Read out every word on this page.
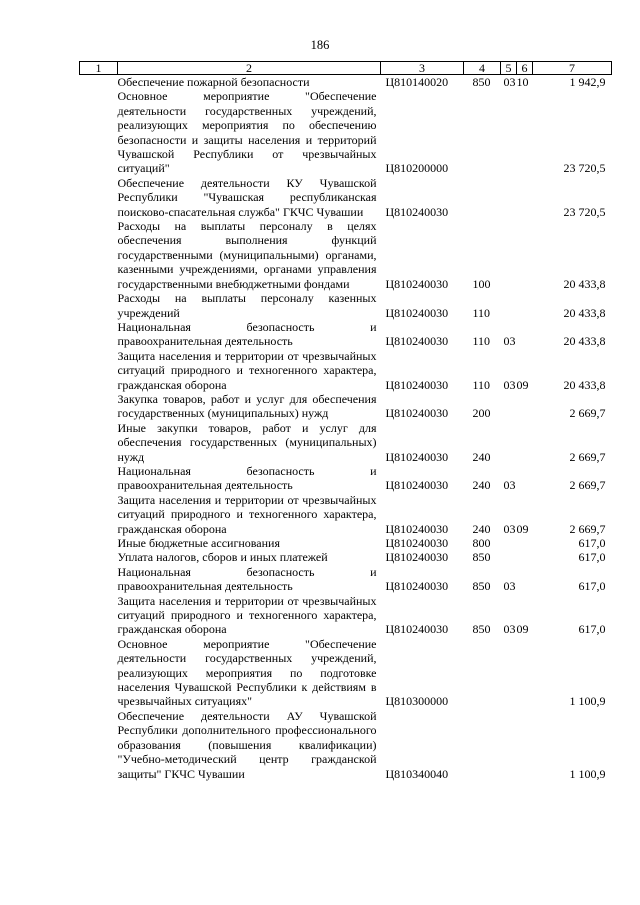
186
1	2	3	4	5	6	7
	Обеспечение пожарной безопасности	Ц810140020	850	03	10	1 942,9
	Основное мероприятие "Обеспечение деятельности государственных учреждений, реализующих мероприятия по обеспечению безопасности и защиты населения и территорий Чувашской Республики от чрезвычайных ситуаций"	Ц810200000				23 720,5
	Обеспечение деятельности КУ Чувашской Республики "Чувашская республиканская поисково-спасательная служба" ГКЧС Чувашии	Ц810240030				23 720,5
	Расходы на выплаты персоналу в целях обеспечения выполнения функций государственными (муниципальными) органами, казенными учреждениями, органами управления государственными внебюджетными фондами	Ц810240030	100			20 433,8
	Расходы на выплаты персоналу казенных учреждений	Ц810240030	110			20 433,8
	Национальная безопасность и правоохранительная деятельность	Ц810240030	110	03		20 433,8
	Защита населения и территории от чрезвычайных ситуаций природного и техногенного характера, гражданская оборона	Ц810240030	110	03	09	20 433,8
	Закупка товаров, работ и услуг для обеспечения государственных (муниципальных) нужд	Ц810240030	200			2 669,7
	Иные закупки товаров, работ и услуг для обеспечения государственных (муниципальных) нужд	Ц810240030	240			2 669,7
	Национальная безопасность и правоохранительная деятельность	Ц810240030	240	03		2 669,7
	Защита населения и территории от чрезвычайных ситуаций природного и техногенного характера, гражданская оборона	Ц810240030	240	03	09	2 669,7
	Иные бюджетные ассигнования	Ц810240030	800			617,0
	Уплата налогов, сборов и иных платежей	Ц810240030	850			617,0
	Национальная безопасность и правоохранительная деятельность	Ц810240030	850	03		617,0
	Защита населения и территории от чрезвычайных ситуаций природного и техногенного характера, гражданская оборона	Ц810240030	850	03	09	617,0
	Основное мероприятие "Обеспечение деятельности государственных учреждений, реализующих мероприятия по подготовке населения Чувашской Республики к действиям в чрезвычайных ситуациях"	Ц810300000				1 100,9
	Обеспечение деятельности АУ Чувашской Республики дополнительного профессионального образования (повышения квалификации) "Учебно-методический центр гражданской защиты" ГКЧС Чувашии	Ц810340040				1 100,9
